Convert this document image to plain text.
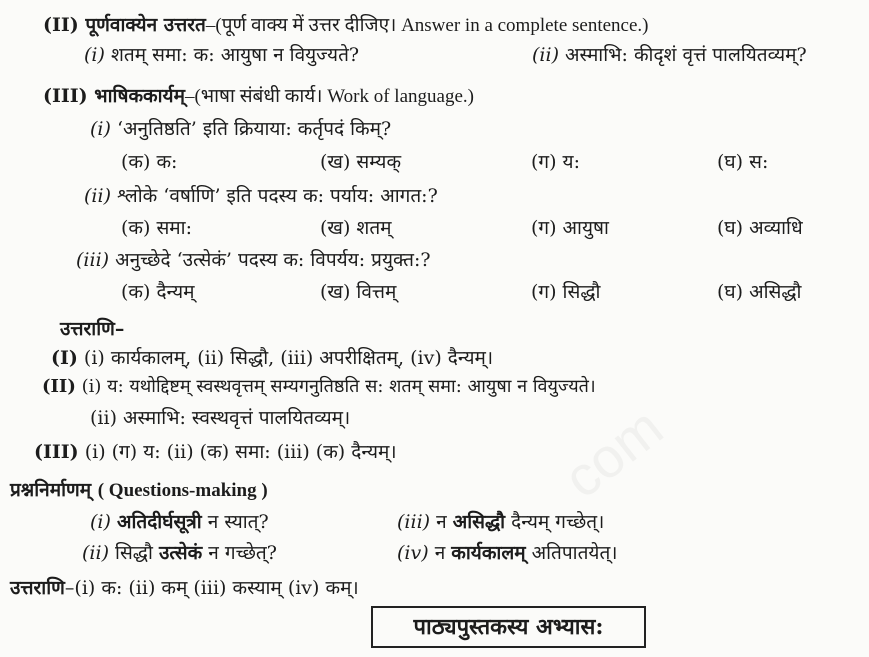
(II) पूर्णवाक्येन उत्तरत–(पूर्ण वाक्य में उत्तर दीजिए। Answer in a complete sentence.)
(i) शतम् समा: क: आयुषा न वियुज्यते?	(ii) अस्माभि: कीदृशं वृत्तं पालयितव्यम्?
(III) भाषिककार्यम्–(भाषा संबंधी कार्य। Work of language.)
(i) ‘अनुतिष्ठति’ इति क्रियाया: कर्तृपदं किम्?
(क) क:	(ख) सम्यक्	(ग) य:	(घ) स:
(ii) श्लोके ‘वर्षाणि’ इति पदस्य क: पर्याय: आगत:?
(क) समा:	(ख) शतम्	(ग) आयुषा	(घ) अव्याधि
(iii) अनुच्छेदे ‘उत्सेकं’ पदस्य क: विपर्यय: प्रयुक्त:?
(क) दैन्यम्	(ख) वित्तम्	(ग) सिद्धौ	(घ) असिद्धौ
उत्तराणि–
(I) (i) कार्यकालम्, (ii) सिद्धौ, (iii) अपरीक्षितम्, (iv) दैन्यम्।
(II) (i) य: यथोद्दिष्टम् स्वस्थवृत्तम् सम्यगनुतिष्ठति स: शतम् समा: आयुषा न वियुज्यते।
(ii) अस्माभि: स्वस्थवृत्तं पालयितव्यम्।
(III) (i) (ग) य: (ii) (क) समा: (iii) (क) दैन्यम्।
प्रश्ननिर्माणम् ( Questions-making )
(i) अतिदीर्घसूत्री न स्यात्?	(iii) न असिद्धौ दैन्यम् गच्छेत्।
(ii) सिद्धौ उत्सेकं न गच्छेत्?	(iv) न कार्यकालम् अतिपातयेत्।
उत्तराणि–(i) क: (ii) कम् (iii) कस्याम् (iv) कम्।
पाठ्यपुस्तकस्य अभ्यास:
com
